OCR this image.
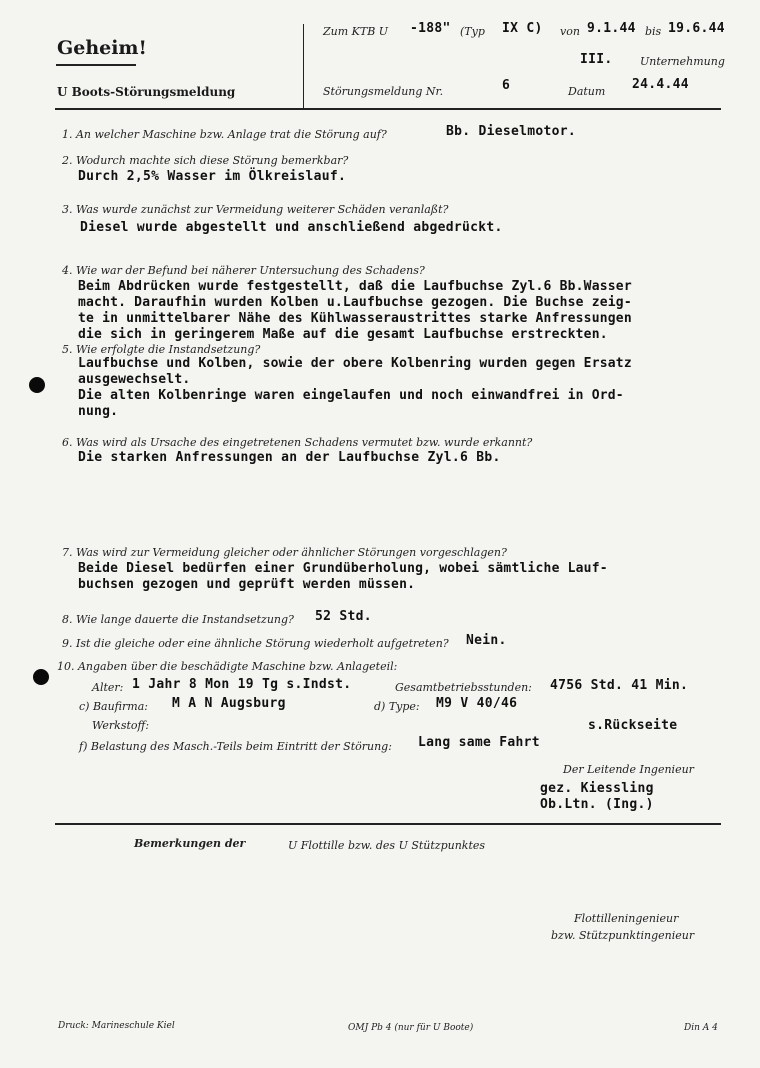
Geheim!
U Boots-Störungsmeldung
Zum KTB U -188" (Typ IX C) von 9.1.44 bis 19.6.44
III. Unternehmung
Störungsmeldung Nr.	6	Datum 24.4.44
1. An welcher Maschine bzw. Anlage trat die Störung auf?	Bb. Dieselmotor.
2. Wodurch machte sich diese Störung bemerkbar?
Durch 2,5% Wasser im Ölkreislauf.
3. Was wurde zunächst zur Vermeidung weiterer Schäden veranlaßt?
Diesel wurde abgestellt und anschließend abgedrückt.
4. Wie war der Befund bei näherer Untersuchung des Schadens?
Beim Abdrücken wurde festgestellt, daß die Laufbuchse Zyl.6 Bb.Wasser
macht. Daraufhin wurden Kolben u.Laufbuchse gezogen. Die Buchse zeig-
te in unmittelbarer Nähe des Kühlwasseraustrittes starke Anfressungen
die sich in geringerem Maße auf die gesamt Laufbuchse erstreckten.
5. Wie erfolgte die Instandsetzung?
Laufbuchse und Kolben, sowie der obere Kolbenring wurden gegen Ersatz
ausgewechselt.
Die alten Kolbenringe waren eingelaufen und noch einwandfrei in Ord-
nung.
6. Was wird als Ursache des eingetretenen Schadens vermutet bzw. wurde erkannt?
Die starken Anfressungen an der Laufbuchse Zyl.6 Bb.
7. Was wird zur Vermeidung gleicher oder ähnlicher Störungen vorgeschlagen?
Beide Diesel bedürfen einer Grundüberholung, wobei sämtliche Lauf-
buchsen gezogen und geprüft werden müssen.
8. Wie lange dauerte die Instandsetzung? 52 Std.
9. Ist die gleiche oder eine ähnliche Störung wiederholt aufgetreten? Nein.
10. Angaben über die beschädigte Maschine bzw. Anlageteil:
Alter: 1 Jahr 8 Mon 19 Tg s.Indst.	Gesamtbetriebsstunden: 4756 Std. 41 Min.
c) Baufirma: M A N Augsburg	d) Type: M9 V 40/46
Werkstoff:	s.Rückseite
f) Belastung des Masch.-Teils beim Eintritt der Störung: Lang same Fahrt
Der Leitende Ingenieur
gez. Kiessling
Ob.Ltn. (Ing.)
Bemerkungen der	U Flottille bzw. des U Stützpunktes
Flottilleningenieur
bzw. Stützpunktingenieur
Druck: Marineschule Kiel	OMJ Pb 4 (nur für U Boote)	Din A 4
